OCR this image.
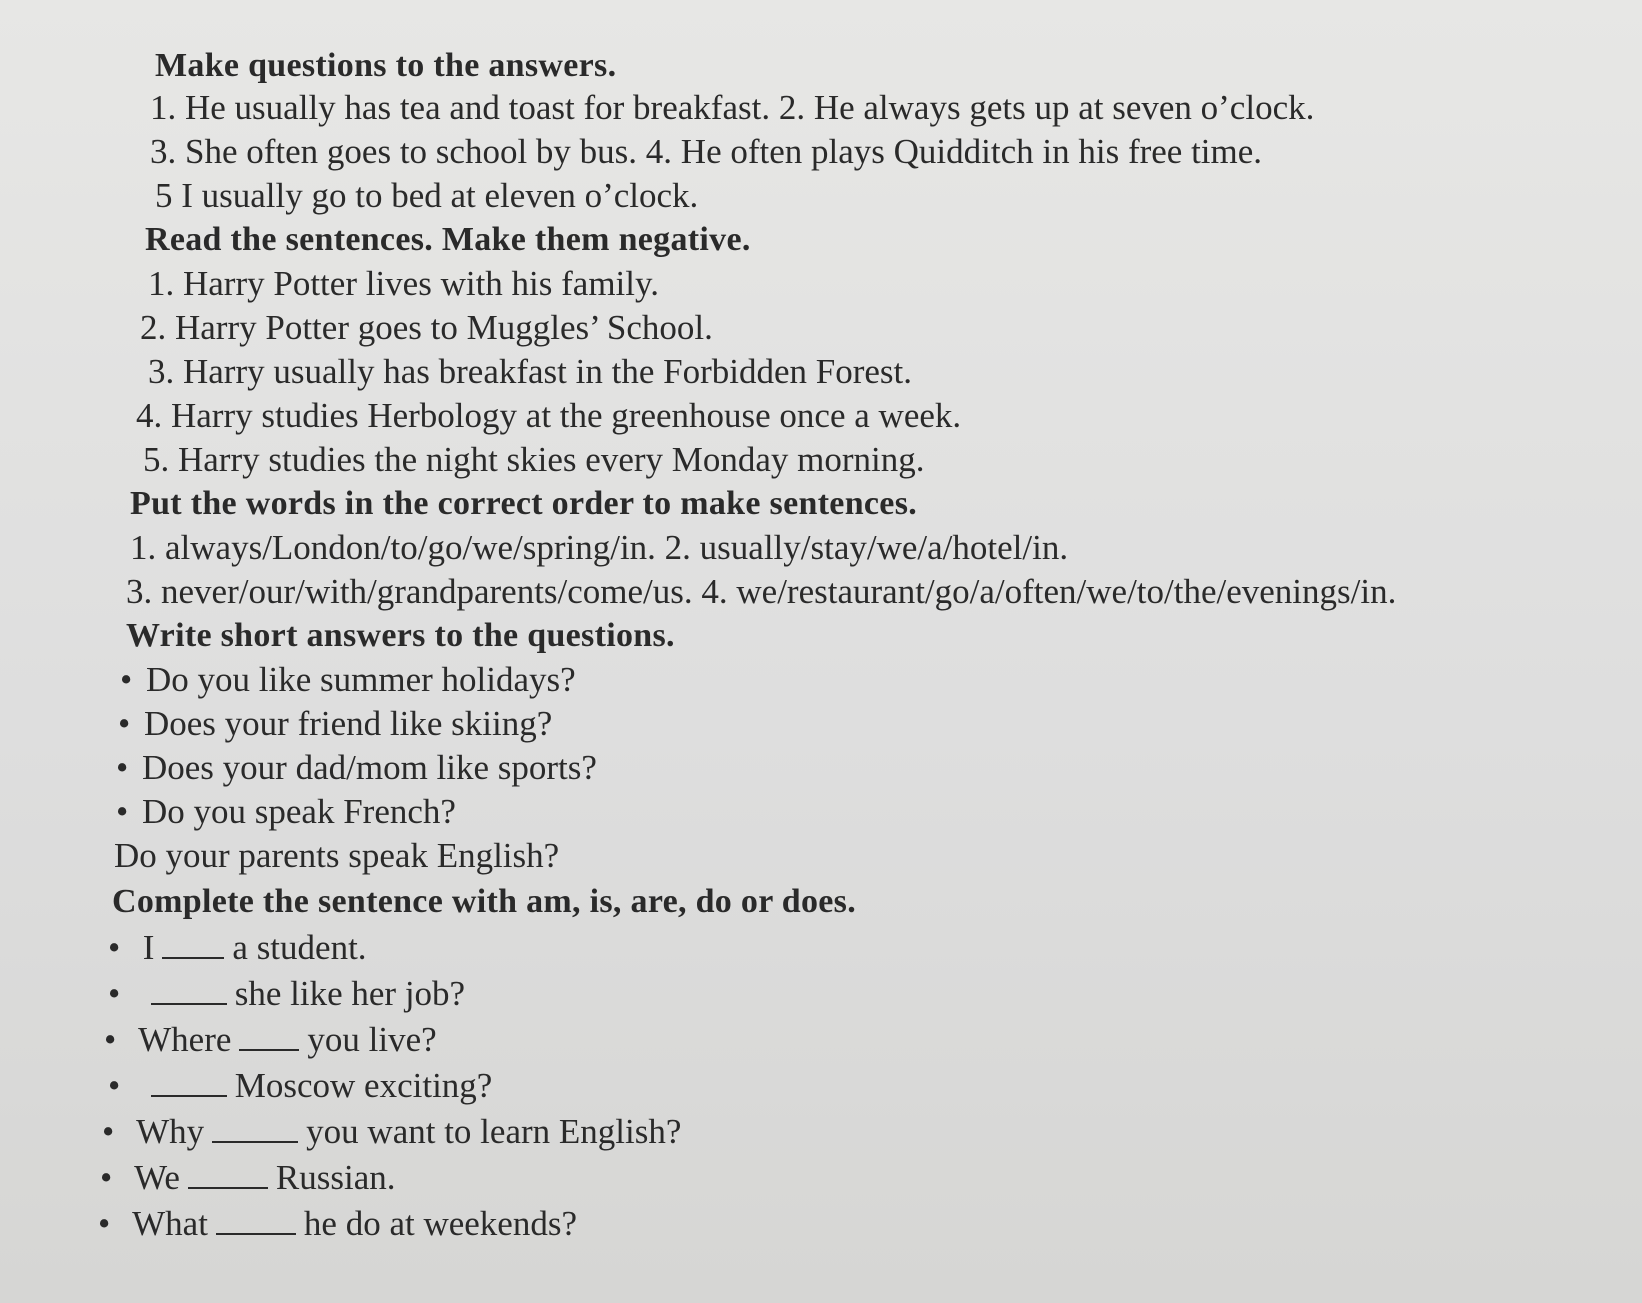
Make questions to the answers.
1. He usually has tea and toast for breakfast. 2. He always gets up at seven o’clock.
3. She often goes to school by bus. 4. He often plays Quidditch in his free time.
5 I usually go to bed at eleven o’clock.
Read the sentences. Make them negative.
1. Harry Potter lives with his family.
2. Harry Potter goes to Muggles’ School.
3. Harry usually has breakfast in the Forbidden Forest.
4. Harry studies Herbology at the greenhouse once a week.
5. Harry studies the night skies every Monday morning.
Put the words in the correct order to make sentences.
1. always/London/to/go/we/spring/in. 2. usually/stay/we/a/hotel/in.
3. never/our/with/grandparents/come/us. 4. we/restaurant/go/a/often/we/to/the/evenings/in.
Write short answers to the questions.
• Do you like summer holidays?
• Does your friend like skiing?
• Does your dad/mom like sports?
• Do you speak French?
Do your parents speak English?
Complete the sentence with am, is, are, do or does.
• I a student.
• she like her job?
• Where you live?
• Moscow exciting?
• Why	you want to learn English?
• We	Russian.
• What	he do at weekends?
